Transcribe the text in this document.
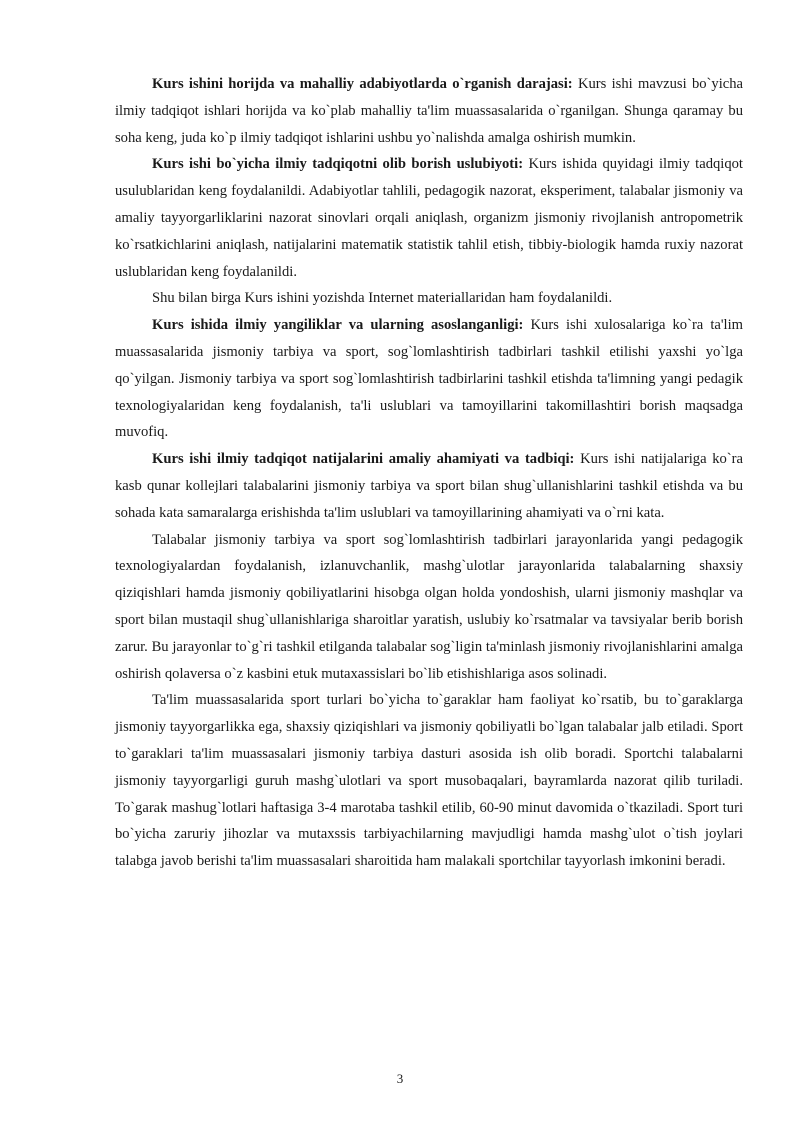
Kurs ishini horijda va mahalliy adabiyotlarda o`rganish darajasi: Kurs ishi mavzusi bo`yicha ilmiy tadqiqot ishlari horijda va ko`plab mahalliy ta'lim muassasalarida o`rganilgan. Shunga qaramay bu soha keng, juda ko`p ilmiy tadqiqot ishlarini ushbu yo`nalishda amalga oshirish mumkin.

Kurs ishi bo`yicha ilmiy tadqiqotni olib borish uslubiyoti: Kurs ishida quyidagi ilmiy tadqiqot usulublaridan keng foydalanildi. Adabiyotlar tahlili, pedagogik nazorat, eksperiment, talabalar jismoniy va amaliy tayyorgarliklarini nazorat sinovlari orqali aniqlash, organizm jismoniy rivojlanish antropometrik ko`rsatkichlarini aniqlash, natijalarini matematik statistik tahlil etish, tibbiy-biologik hamda ruxiy nazorat uslublaridan keng foydalanildi.

Shu bilan birga Kurs ishini yozishda Internet materiallaridan ham foydalanildi.

Kurs ishida ilmiy yangiliklar va ularning asoslanganligi: Kurs ishi xulosalariga ko`ra ta'lim muassasalarida jismoniy tarbiya va sport, sog`lomlashtirish tadbirlari tashkil etilishi yaxshi yo`lga qo`yilgan. Jismoniy tarbiya va sport sog`lomlashtirish tadbirlarini tashkil etishda ta'limning yangi pedagik texnologiyalaridan keng foydalanish, ta'li uslublari va tamoyillarini takomillashtiri borish maqsadga muvofiq.

Kurs ishi ilmiy tadqiqot natijalarini amaliy ahamiyati va tadbiqi: Kurs ishi natijalariga ko`ra kasb qunar kollejlari talabalarini jismoniy tarbiya va sport bilan shug`ullanishlarini tashkil etishda va bu sohada kata samaralarga erishishda ta'lim uslublari va tamoyillarining ahamiyati va o`rni kata.

Talabalar jismoniy tarbiya va sport sog`lomlashtirish tadbirlari jarayonlarida yangi pedagogik texnologiyalardan foydalanish, izlanuvchanlik, mashg`ulotlar jarayonlarida talabalarning shaxsiy qiziqishlari hamda jismoniy qobiliyatlarini hisobga olgan holda yondoshish, ularni jismoniy mashqlar va sport bilan mustaqil shug`ullanishlariga sharoitlar yaratish, uslubiy ko`rsatmalar va tavsiyalar berib borish zarur. Bu jarayonlar to`g`ri tashkil etilganda talabalar sog`ligin ta'minlash jismoniy rivojlanishlarini amalga oshirish qolaversa o`z kasbini etuk mutaxassislari bo`lib etishishlariga asos solinadi.

Ta'lim muassasalarida sport turlari bo`yicha to`garaklar ham faoliyat ko`rsatib, bu to`garaklarga jismoniy tayyorgarlikka ega, shaxsiy qiziqishlari va jismoniy qobiliyatli bo`lgan talabalar jalb etiladi. Sport to`garaklari ta'lim muassasalari jismoniy tarbiya dasturi asosida ish olib boradi. Sportchi talabalarni jismoniy tayyorgarligi guruh mashg`ulotlari va sport musobaqalari, bayramlarda nazorat qilib turiladi. To`garak mashug`lotlari haftasiga 3-4 marotaba tashkil etilib, 60-90 minut davomida o`tkaziladi. Sport turi bo`yicha zaruriy jihozlar va mutaxssis tarbiyachilarning mavjudligi hamda mashg`ulot o`tish joylari talabga javob berishi ta'lim muassasalari sharoitida ham malakali sportchilar tayyorlash imkonini beradi.

3
